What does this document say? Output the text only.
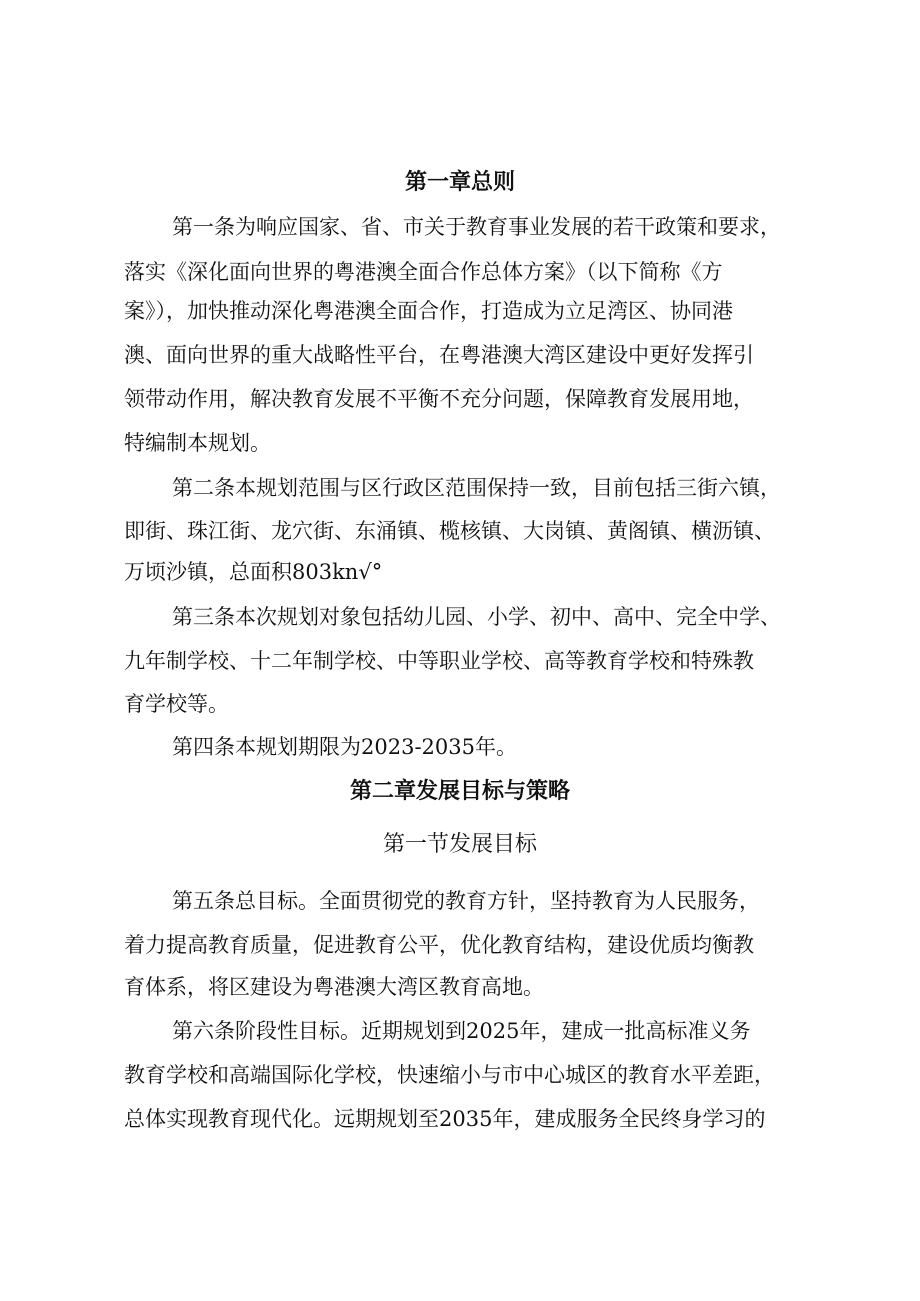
第一章总则
第一条为响应国家、省、市关于教育事业发展的若干政策和要求，
落实《深化面向世界的粤港澳全面合作总体方案》（以下简称《方
案》），加快推动深化粤港澳全面合作，打造成为立足湾区、协同港
澳、面向世界的重大战略性平台，在粤港澳大湾区建设中更好发挥引
领带动作用，解决教育发展不平衡不充分问题，保障教育发展用地，
特编制本规划。
第二条本规划范围与区行政区范围保持一致，目前包括三街六镇，
即街、珠江街、龙穴街、东涌镇、榄核镇、大岗镇、黄阁镇、横沥镇、
万顷沙镇，总面积803kn√°
第三条本次规划对象包括幼儿园、小学、初中、高中、完全中学、
九年制学校、十二年制学校、中等职业学校、高等教育学校和特殊教
育学校等。
第四条本规划期限为2023-2035年。
第二章发展目标与策略
第一节发展目标
第五条总目标。全面贯彻党的教育方针，坚持教育为人民服务，
着力提高教育质量，促进教育公平，优化教育结构，建设优质均衡教
育体系，将区建设为粤港澳大湾区教育高地。
第六条阶段性目标。近期规划到2025年，建成一批高标准义务
教育学校和高端国际化学校，快速缩小与市中心城区的教育水平差距，
总体实现教育现代化。远期规划至2035年，建成服务全民终身学习的
